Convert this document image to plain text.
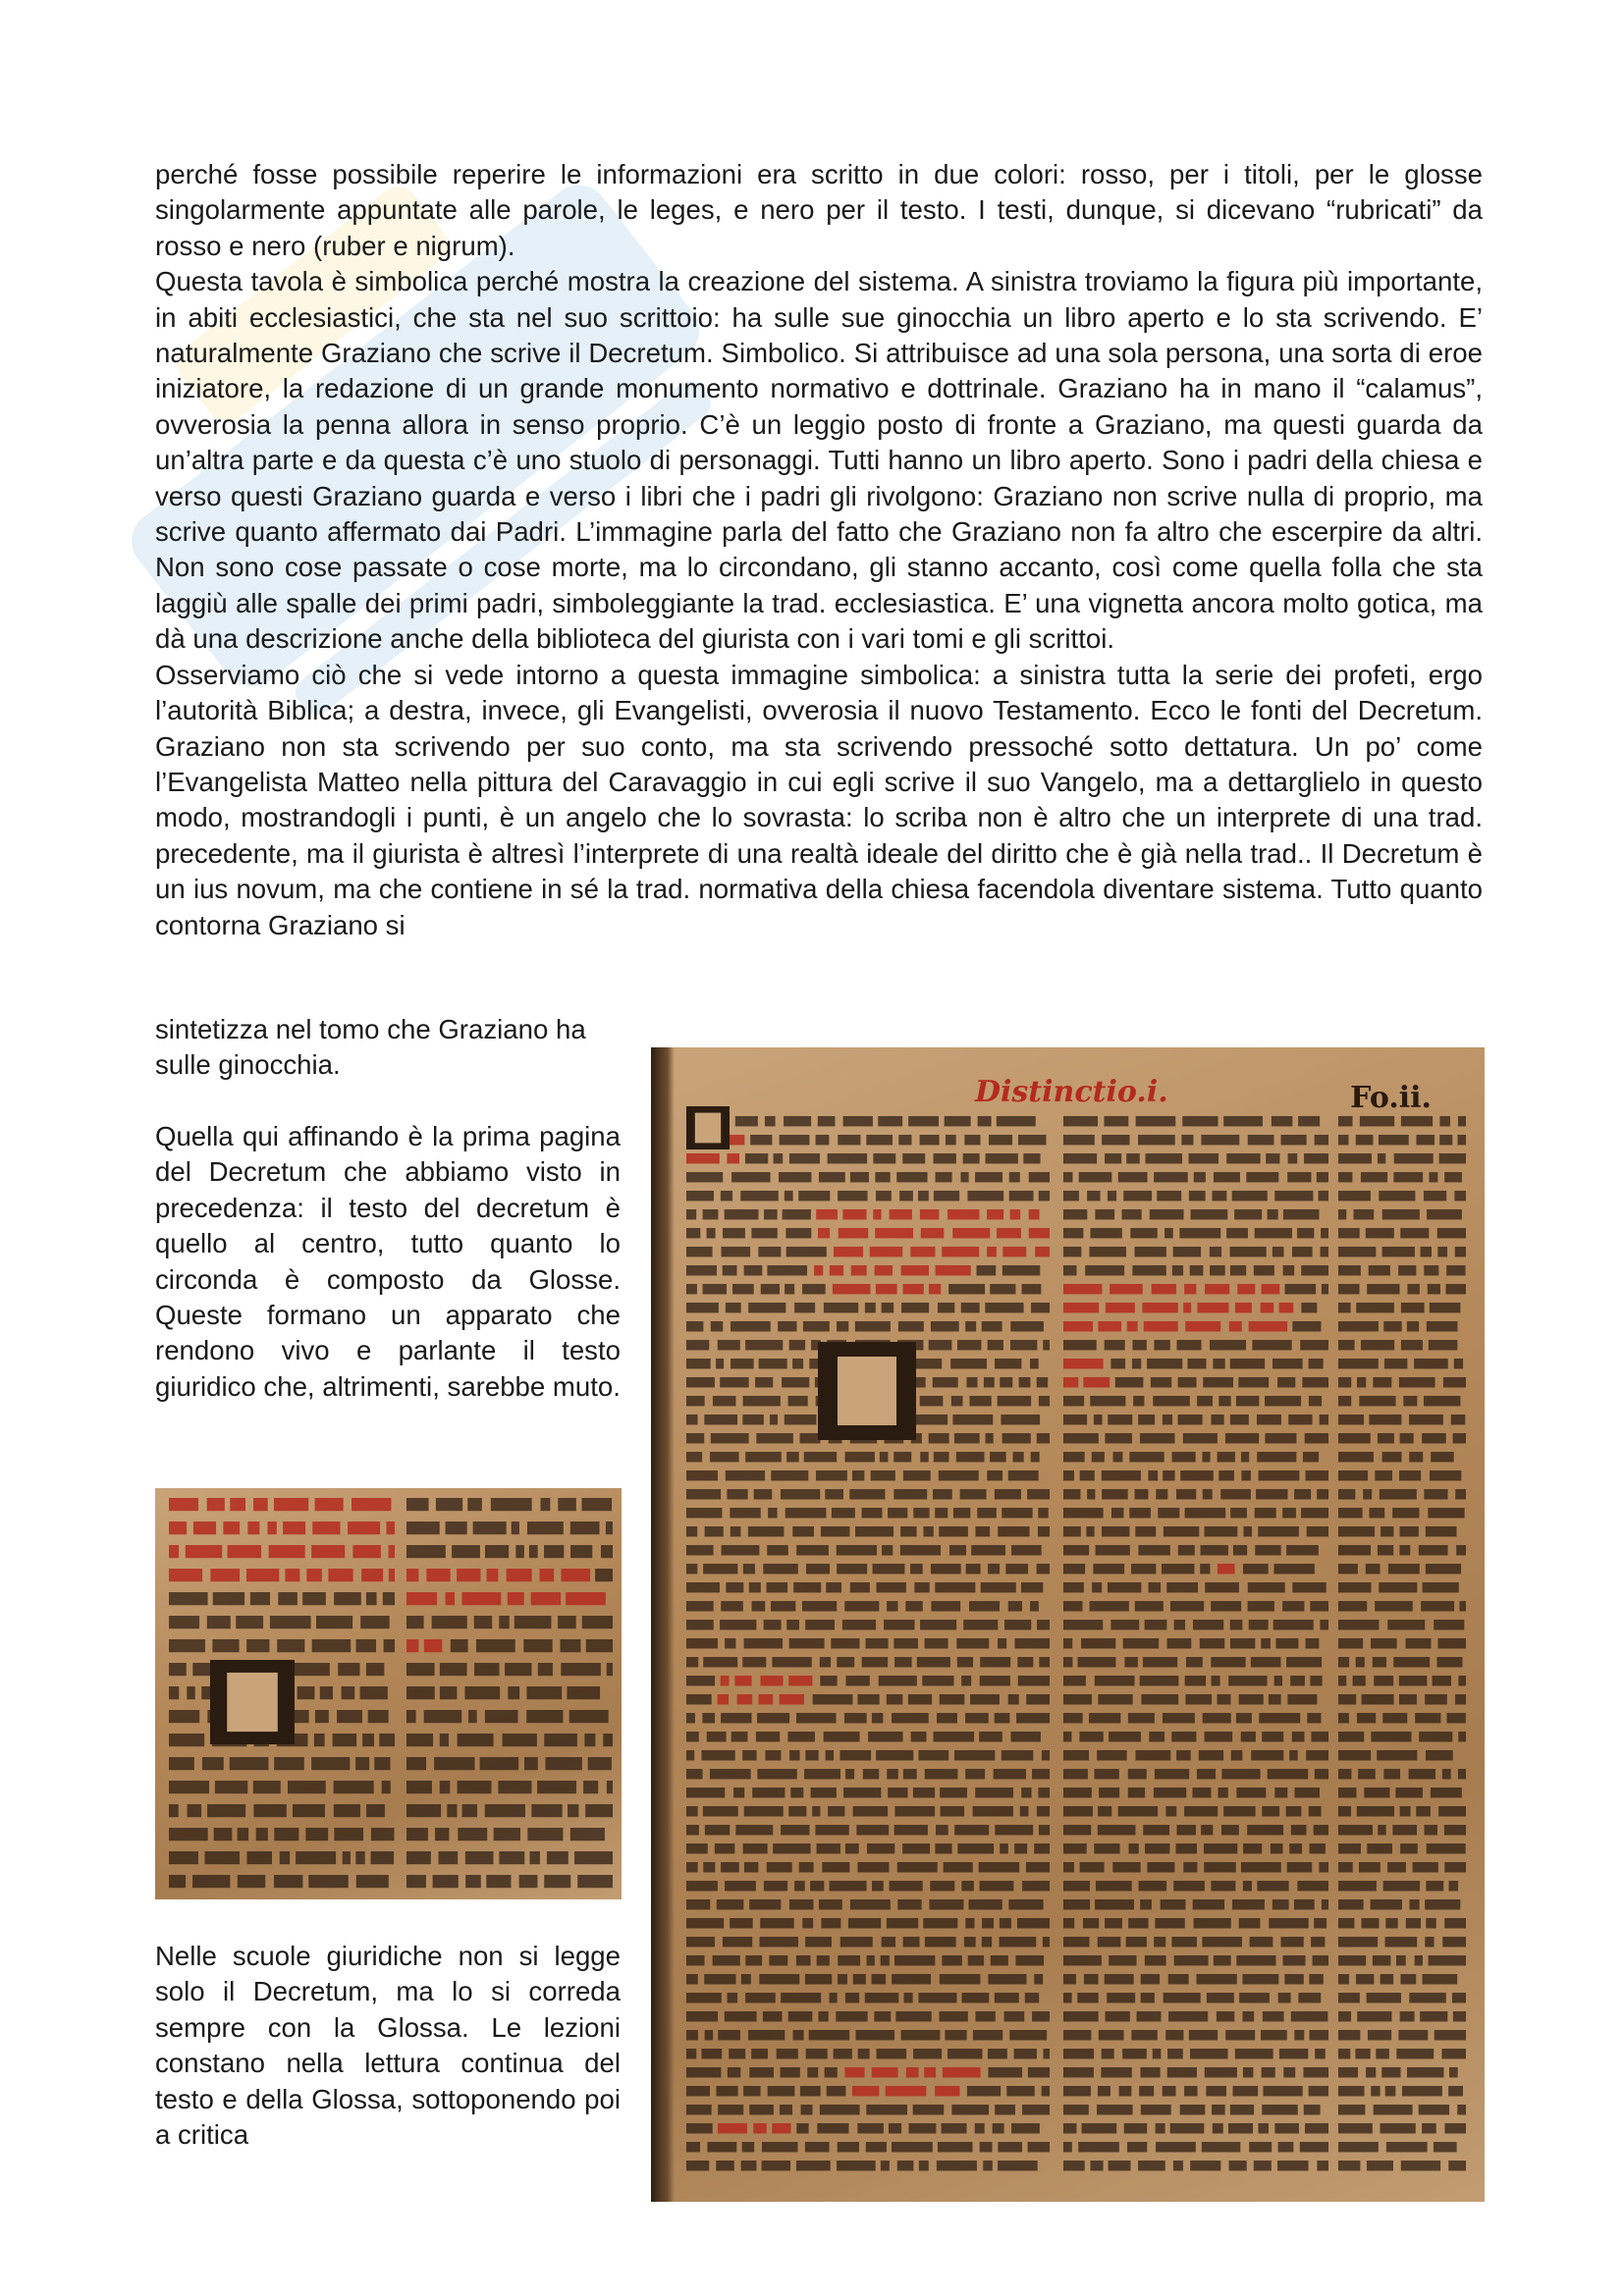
perché fosse possibile reperire le informazioni era scritto in due colori: rosso, per i titoli, per le glosse singolarmente appuntate alle parole, le leges, e nero per il testo. I testi, dunque, si dicevano “rubricati” da rosso e nero (ruber e nigrum).

Questa tavola è simbolica perché mostra la creazione del sistema. A sinistra troviamo la figura più importante, in abiti ecclesiastici, che sta nel suo scrittoio: ha sulle sue ginocchia un libro aperto e lo sta scrivendo. E’ naturalmente Graziano che scrive il Decretum. Simbolico. Si attribuisce ad una sola persona, una sorta di eroe iniziatore, la redazione di un grande monumento normativo e dottrinale. Graziano ha in mano il “calamus”, ovverosia la penna allora in senso proprio. C’è un leggio posto di fronte a Graziano, ma questi guarda da un’altra parte e da questa c’è uno stuolo di personaggi. Tutti hanno un libro aperto. Sono i padri della chiesa e verso questi Graziano guarda e verso i libri che i padri gli rivolgono: Graziano non scrive nulla di proprio, ma scrive quanto affermato dai Padri. L’immagine parla del fatto che Graziano non fa altro che escerpire da altri. Non sono cose passate o cose morte, ma lo circondano, gli stanno accanto, così come quella folla che sta laggiù alle spalle dei primi padri, simboleggiante la trad. ecclesiastica. E’ una vignetta ancora molto gotica, ma dà una descrizione anche della biblioteca del giurista con i vari tomi e gli scrittoi.

Osserviamo ciò che si vede intorno a questa immagine simbolica: a sinistra tutta la serie dei profeti, ergo l’autorità Biblica; a destra, invece, gli Evangelisti, ovverosia il nuovo Testamento. Ecco le fonti del Decretum. Graziano non sta scrivendo per suo conto, ma sta scrivendo pressoché sotto dettatura. Un po’ come l’Evangelista Matteo nella pittura del Caravaggio in cui egli scrive il suo Vangelo, ma a dettargliel​o in questo modo, mostrandogli i punti, è un angelo che lo sovrasta: lo scriba non è altro che un interprete di una trad. precedente, ma il giurista è altresì l’interprete di una realtà ideale del diritto che è già nella trad.. Il Decretum è un ius novum, ma che contiene in sé la trad. normativa della chiesa facendola diventare sistema. Tutto quanto contorna Graziano si

sintetizza nel tomo che Graziano ha sulle ginocchia.

Quella qui affinando è la prima pagina del Decretum che abbiamo visto in precedenza: il testo del decretum è quello al centro, tutto quanto lo circonda è composto da Glosse. Queste formano un apparato che rendono vivo e parlante il testo giuridico che, altrimenti, sarebbe muto.

Nelle scuole giuridiche non si legge solo il Decretum, ma lo si corredа sempre con la Glossa. Le lezioni constano nella lettura continua del testo e della Glossa, sottoponendo poi a critica

Distinctio.i.	Fo.ii.
